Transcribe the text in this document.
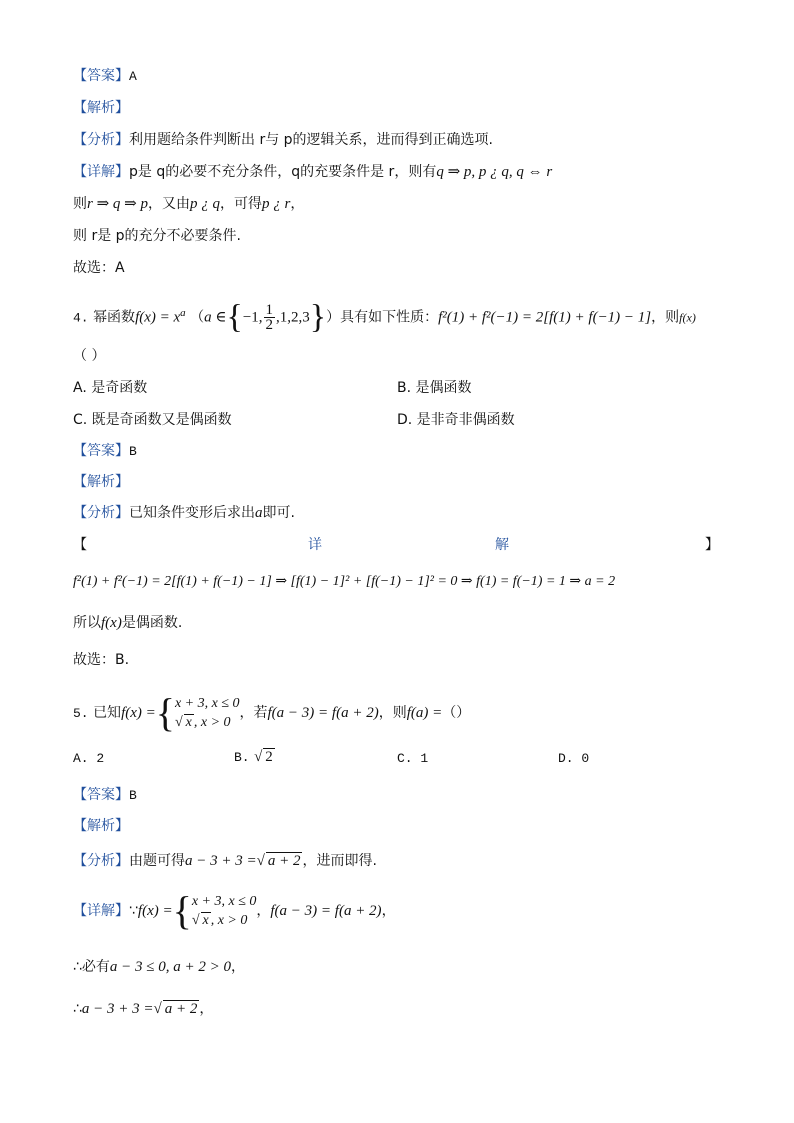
【答案】A
【解析】
【分析】利用题给条件判断出 r与 p的逻辑关系，进而得到正确选项.
【详解】p是 q的必要不充分条件，q的充要条件是 r，则有q ⇒ p, p ¿ q, q ⇔ r
则r ⇒ q ⇒ p，又由p ¿ q，可得p ¿ r，
则 r是 p的充分不必要条件.
故选：A
4. 幂函数$f(x) = x^a$ （a ∈{−1, $\frac{1}{2} ,1,2,3$}）具有如下性质：f²(1) + f²(−1) = 2[f(1) + f(−1) − 1]，则f(x)
（ ）
A. 是奇函数	B. 是偶函数
C. 既是奇函数又是偶函数	D. 是非奇非偶函数
【答案】B
【解析】
【分析】已知条件变形后求出a即可.
【	详	解	】
f²(1) + f²(−1) = 2[f(1) + f(−1) − 1] ⇒ [f(1) − 1]² + [f(−1) − 1]² = 0 ⇒ f(1) = f(−1) = 1 ⇒ a = 2
所以f(x)是偶函数.
故选：B.
5. 已知f(x) ={ x + 3, x ≤ 0
√ x , x > 0
，若f(a − 3) = f(a + 2)，则f(a) =（）
A. 2	B. √ 2	C. 1	D. 0
【答案】B
【解析】
【分析】由题可得a − 3 + 3 =√ a + 2 ，进而即得.
【详解】∵f(x) ={ x + 3, x ≤ 0
√ x , x > 0
，f(a − 3) = f(a + 2)，
∴必有a − 3 ≤ 0, a + 2 > 0，
∴a − 3 + 3 =√ a + 2 ，
